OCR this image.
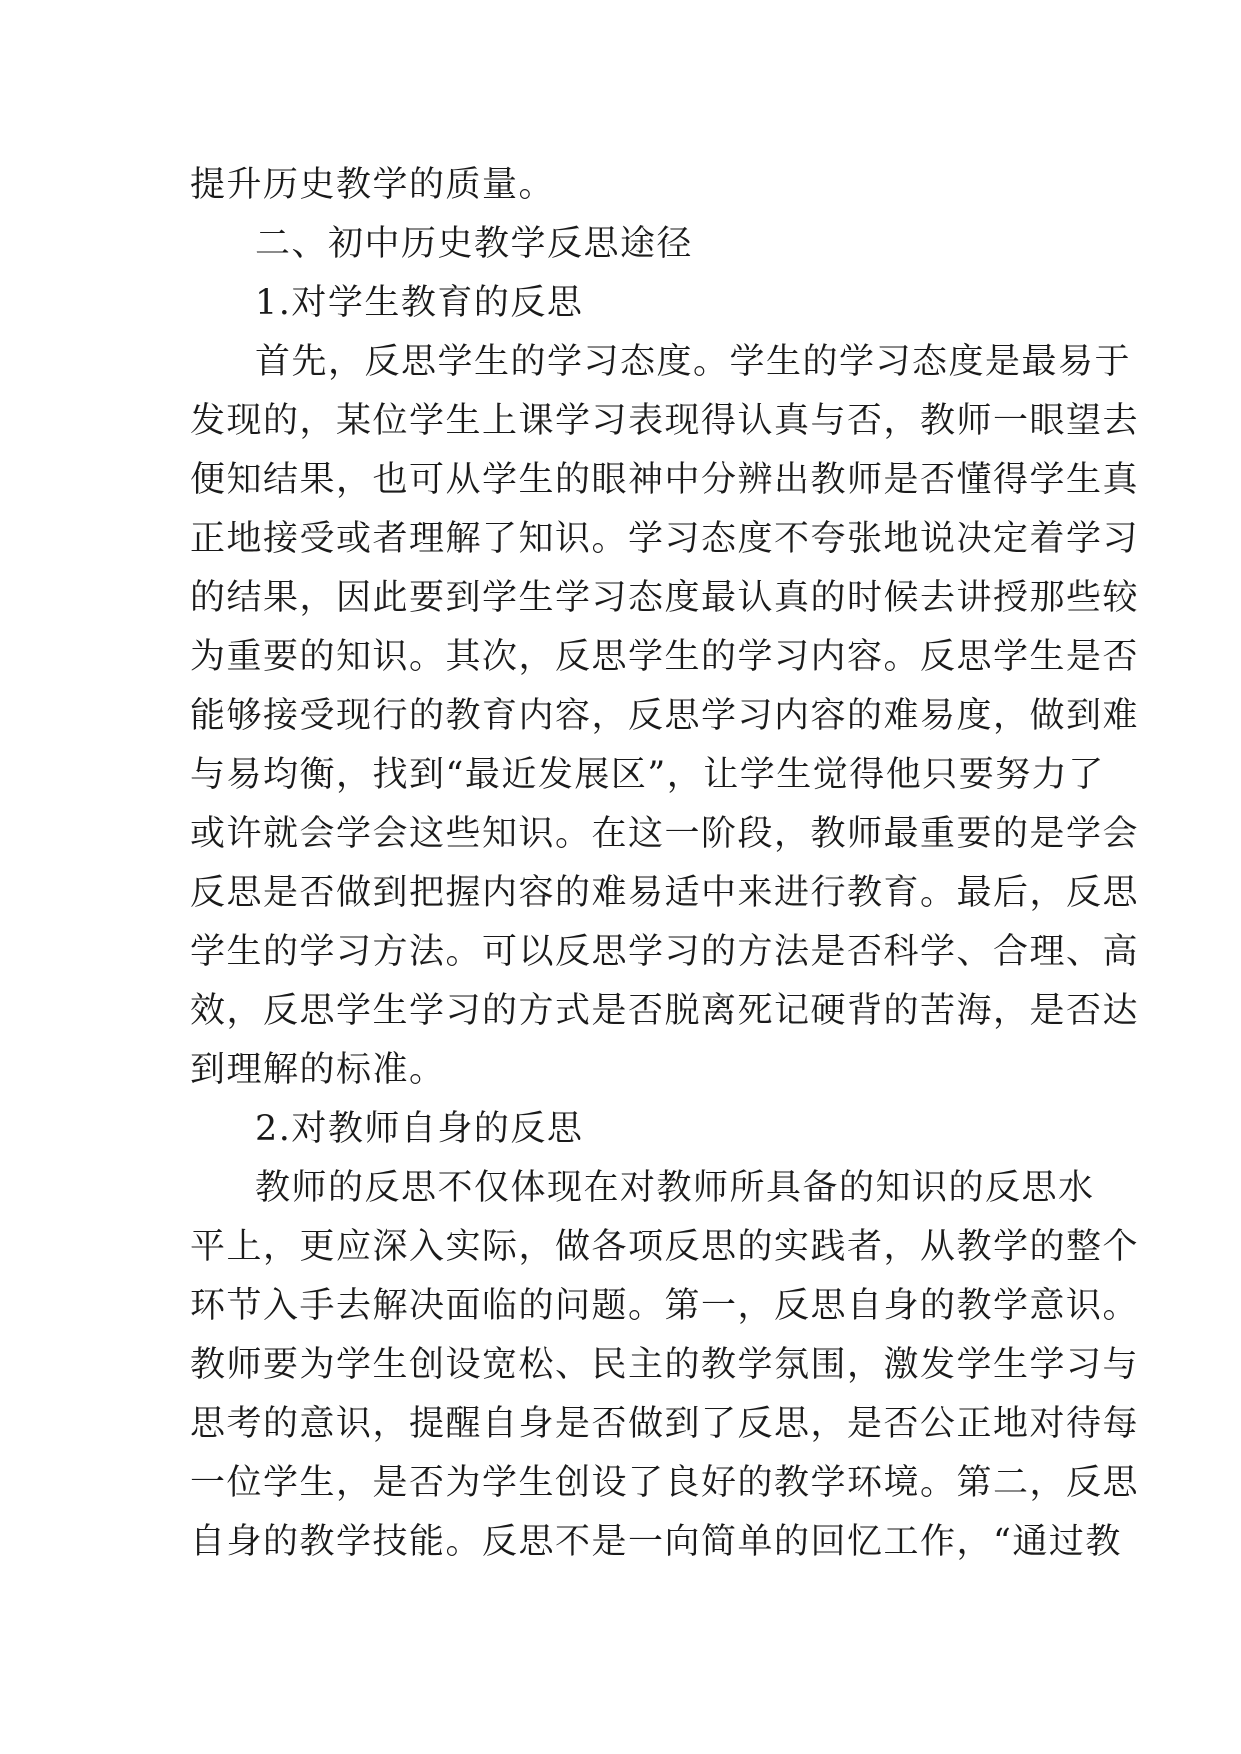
提升历史教学的质量。
二、初中历史教学反思途径
1.对学生教育的反思
首先，反思学生的学习态度。学生的学习态度是最易于
发现的，某位学生上课学习表现得认真与否，教师一眼望去
便知结果，也可从学生的眼神中分辨出教师是否懂得学生真
正地接受或者理解了知识。学习态度不夸张地说决定着学习
的结果，因此要到学生学习态度最认真的时候去讲授那些较
为重要的知识。其次，反思学生的学习内容。反思学生是否
能够接受现行的教育内容，反思学习内容的难易度，做到难
与易均衡，找到“最近发展区”，让学生觉得他只要努力了
或许就会学会这些知识。在这一阶段，教师最重要的是学会
反思是否做到把握内容的难易适中来进行教育。最后，反思
学生的学习方法。可以反思学习的方法是否科学、合理、高
效，反思学生学习的方式是否脱离死记硬背的苦海，是否达
到理解的标准。
2.对教师自身的反思
教师的反思不仅体现在对教师所具备的知识的反思水
平上，更应深入实际，做各项反思的实践者，从教学的整个
环节入手去解决面临的问题。第一，反思自身的教学意识。
教师要为学生创设宽松、民主的教学氛围，激发学生学习与
思考的意识，提醒自身是否做到了反思，是否公正地对待每
一位学生，是否为学生创设了良好的教学环境。第二，反思
自身的教学技能。反思不是一向简单的回忆工作，“通过教
